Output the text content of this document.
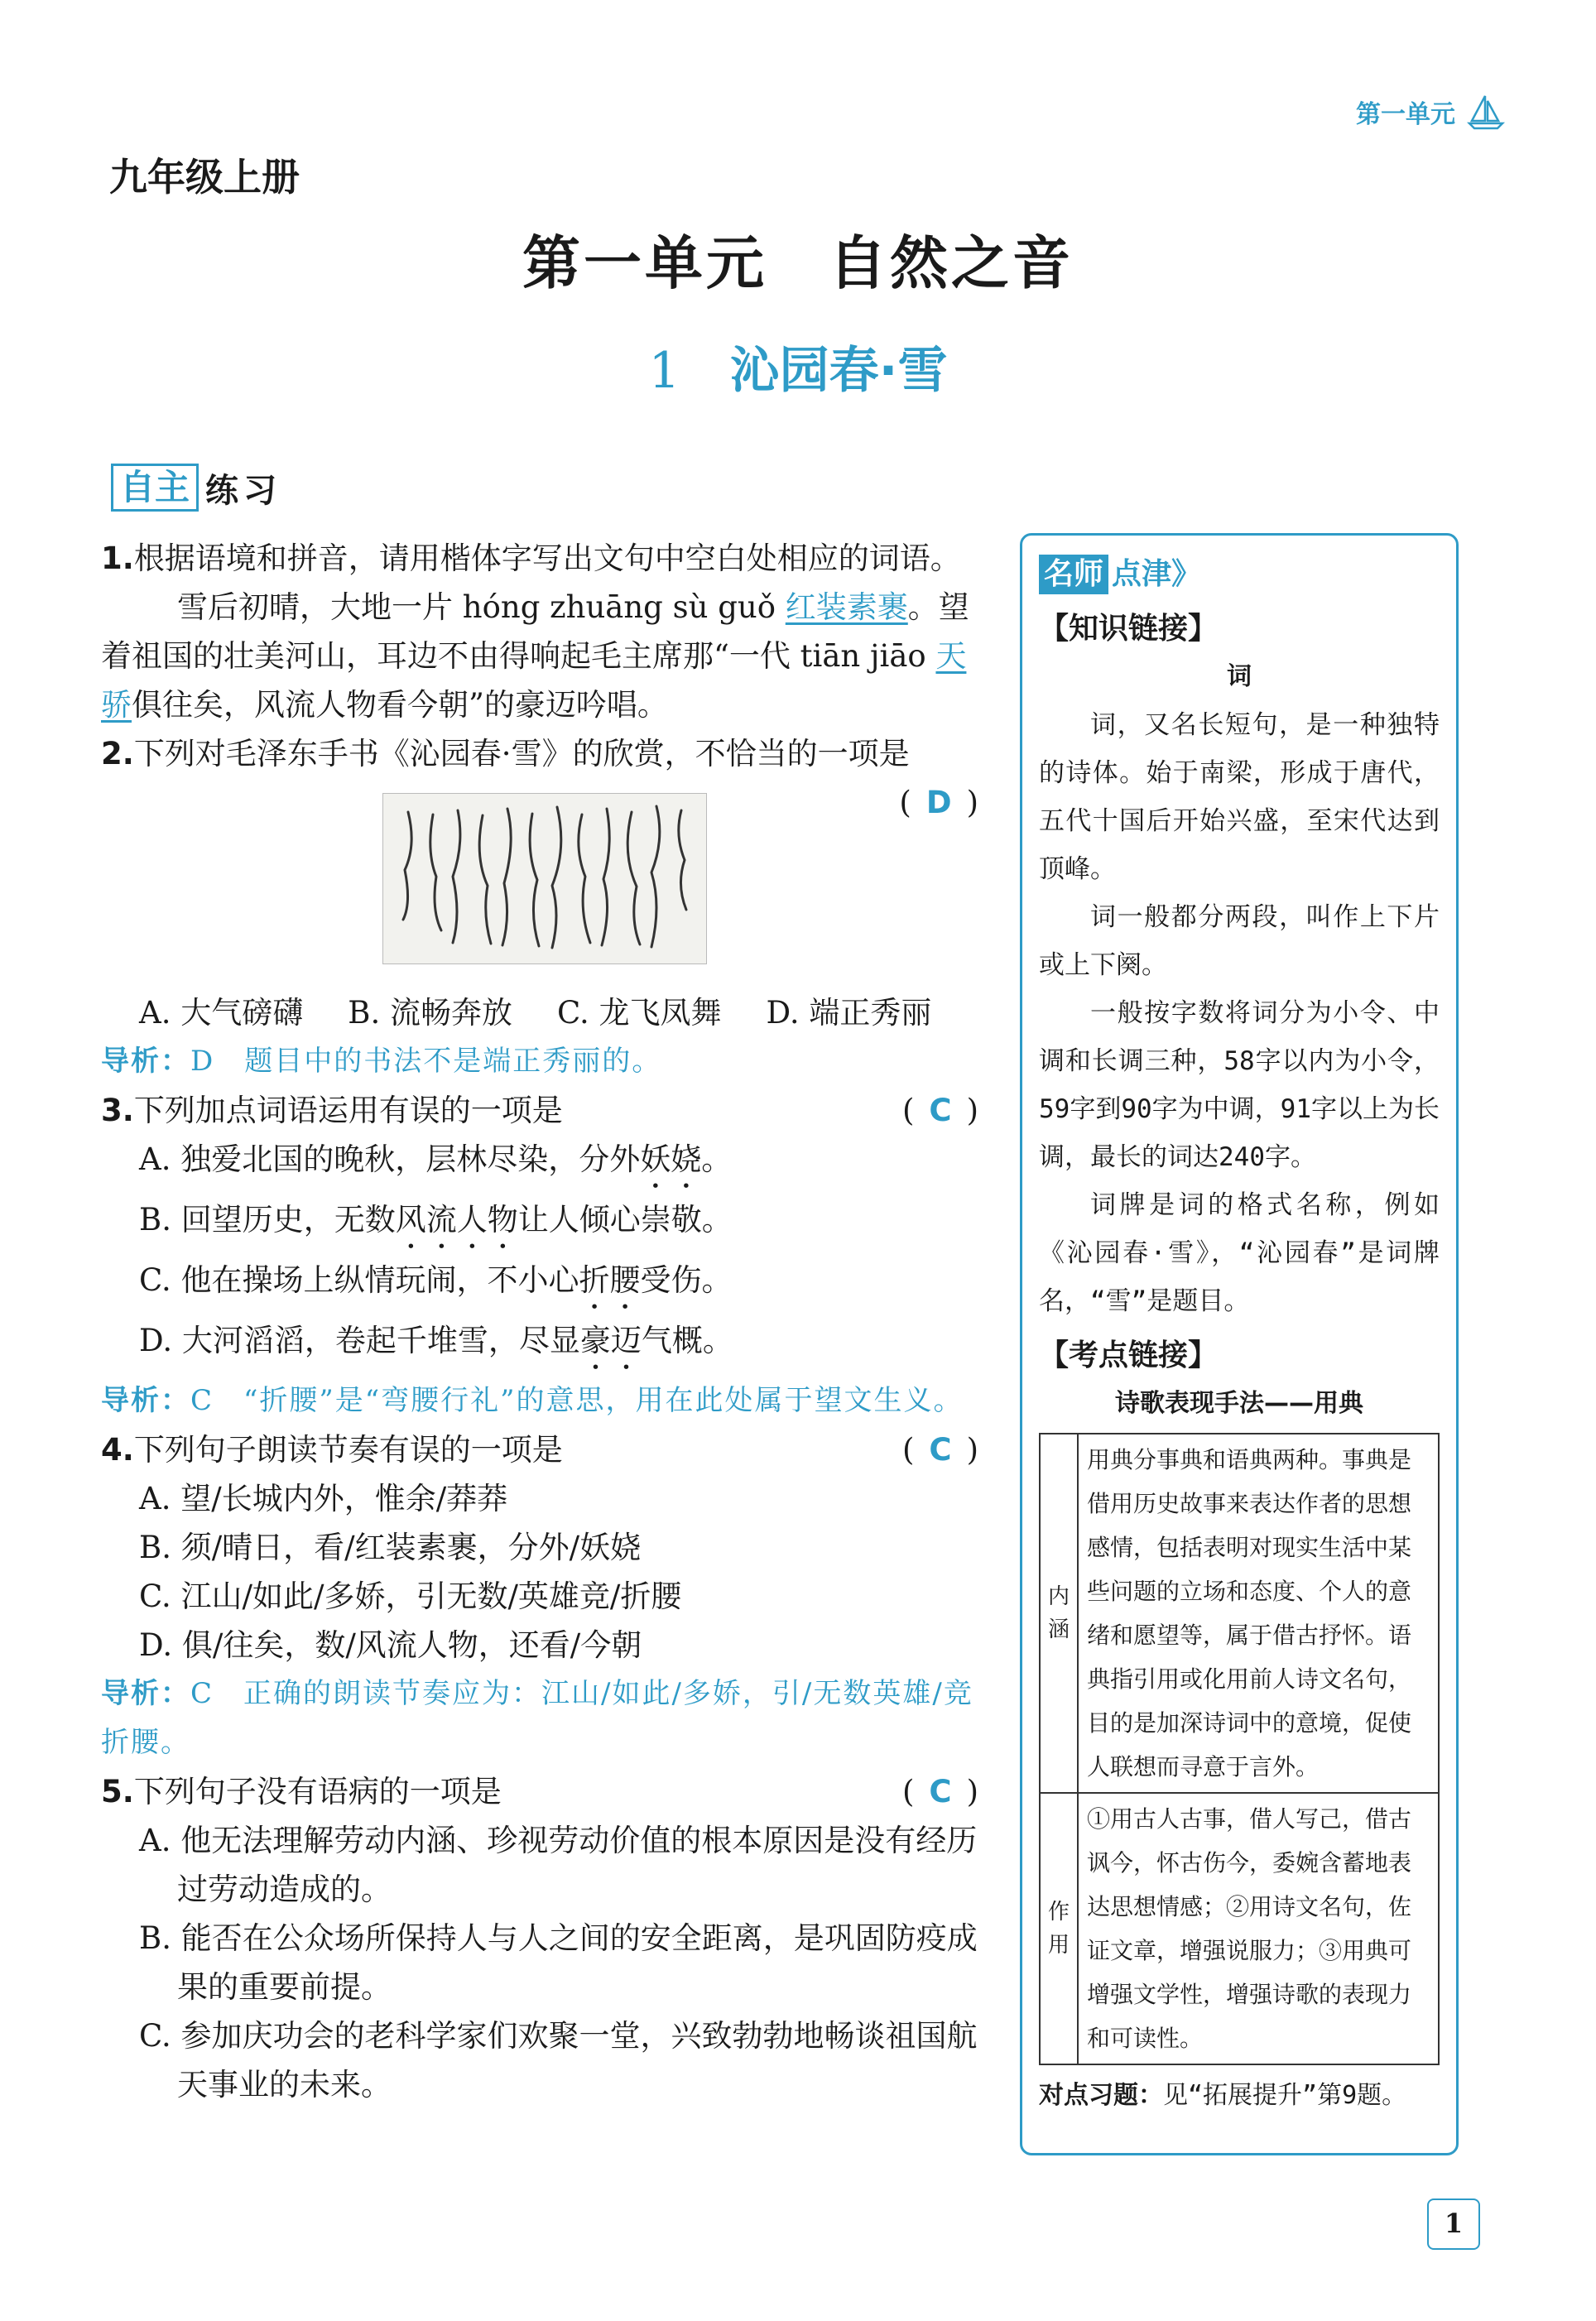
第一单元
九年级上册
第一单元　自然之音
1 沁园春·雪
自主 练习
1.根据语境和拼音，请用楷体字写出文句中空白处相应的词语。
雪后初晴，大地一片 hóng zhuāng sù guǒ 红装素裹。望着祖国的壮美河山，耳边不由得响起毛主席那“一代 tiān jiāo 天骄俱往矣，风流人物看今朝”的豪迈吟唱。
2.下列对毛泽东手书《沁园春·雪》的欣赏，不恰当的一项是
( D )
A. 大气磅礴 B. 流畅奔放 C. 龙飞凤舞 D. 端正秀丽
导析：D　题目中的书法不是端正秀丽的。
3.下列加点词语运用有误的一项是	( C )
A. 独爱北国的晚秋，层林尽染，分外妖娆。
B. 回望历史，无数风流人物让人倾心崇敬。
C. 他在操场上纵情玩闹，不小心折腰受伤。
D. 大河滔滔，卷起千堆雪，尽显豪迈气概。
导析：C　“折腰”是“弯腰行礼”的意思，用在此处属于望文生义。
4.下列句子朗读节奏有误的一项是	( C )
A. 望/长城内外，惟余/莽莽
B. 须/晴日，看/红装素裹，分外/妖娆
C. 江山/如此/多娇，引无数/英雄竞/折腰
D. 俱/往矣，数/风流人物，还看/今朝
导析：C　正确的朗读节奏应为：江山/如此/多娇，引/无数英雄/竞折腰。
5.下列句子没有语病的一项是	( C )
A. 他无法理解劳动内涵、珍视劳动价值的根本原因是没有经历过劳动造成的。
B. 能否在公众场所保持人与人之间的安全距离，是巩固防疫成果的重要前提。
C. 参加庆功会的老科学家们欢聚一堂，兴致勃勃地畅谈祖国航天事业的未来。
名师 点津》
【知识链接】
词

词，又名长短句，是一种独特的诗体。始于南梁，形成于唐代，五代十国后开始兴盛，至宋代达到顶峰。

词一般都分两段，叫作上下片或上下阕。

一般按字数将词分为小令、中调和长调三种，58字以内为小令，59字到90字为中调，91字以上为长调，最长的词达240字。

词牌是词的格式名称，例如《沁园春·雪》，“沁园春”是词牌名，“雪”是题目。

【考点链接】
诗歌表现手法——用典
内涵	用典分事典和语典两种。事典是借用历史故事来表达作者的思想感情，包括表明对现实生活中某些问题的立场和态度、个人的意绪和愿望等，属于借古抒怀。语典指引用或化用前人诗文名句，目的是加深诗词中的意境，促使人联想而寻意于言外。
作用	①用古人古事，借人写己，借古讽今，怀古伤今，委婉含蓄地表达思想情感；②用诗文名句，佐证文章，增强说服力；③用典可增强文学性，增强诗歌的表现力和可读性。
对点习题：见“拓展提升”第9题。
1
